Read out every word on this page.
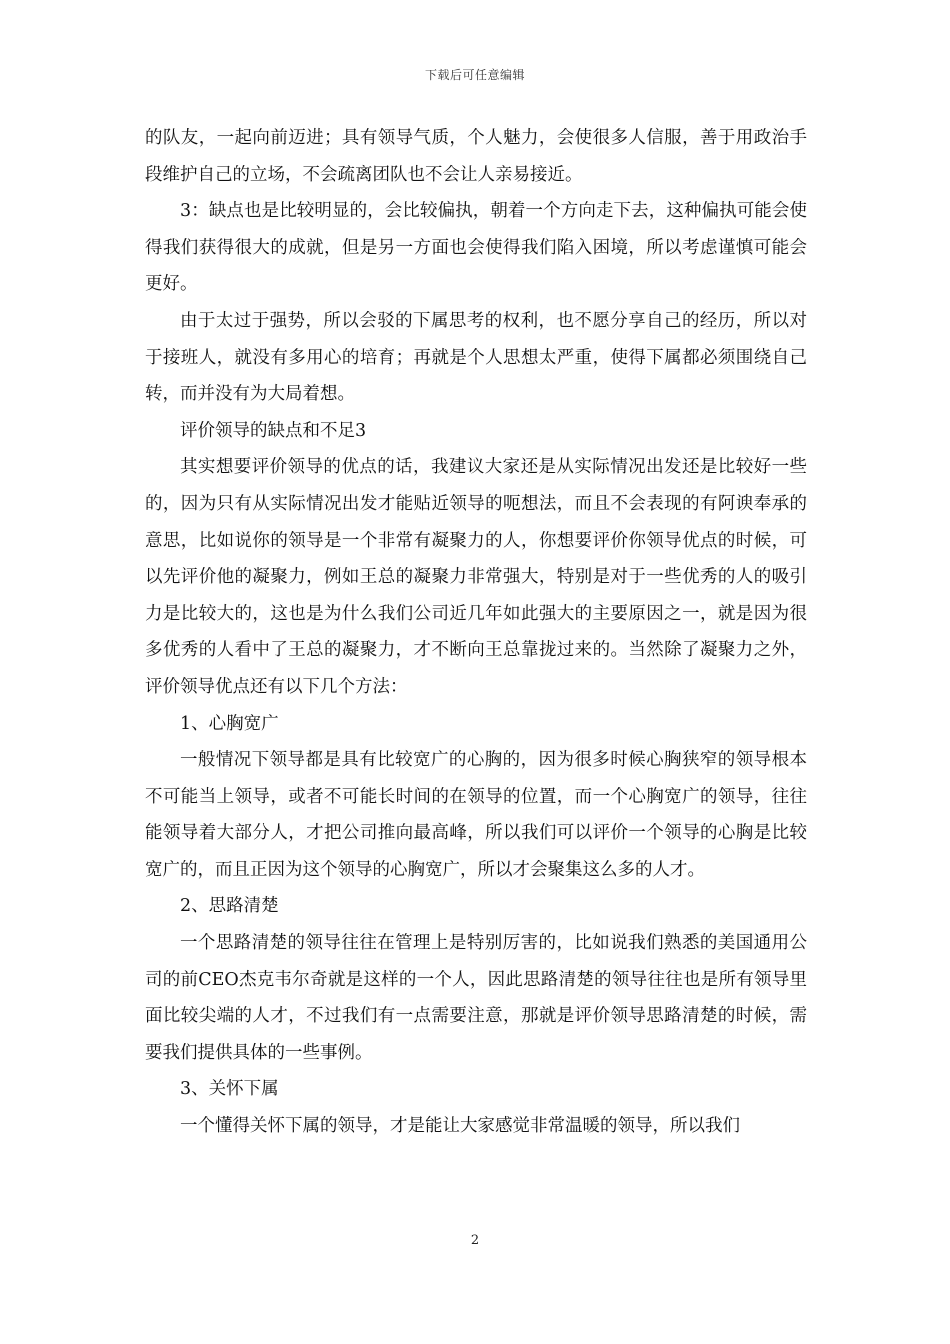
下载后可任意编辑

的队友，一起向前迈进；具有领导气质，个人魅力，会使很多人信服，善于用政治手段维护自己的立场，不会疏离团队也不会让人亲易接近。

3：缺点也是比较明显的，会比较偏执，朝着一个方向走下去，这种偏执可能会使得我们获得很大的成就，但是另一方面也会使得我们陷入困境，所以考虑谨慎可能会更好。

由于太过于强势，所以会驳的下属思考的权利，也不愿分享自己的经历，所以对于接班人，就没有多用心的培育；再就是个人思想太严重，使得下属都必须围绕自己转，而并没有为大局着想。

评价领导的缺点和不足3

其实想要评价领导的优点的话，我建议大家还是从实际情况出发还是比较好一些的，因为只有从实际情况出发才能贴近领导的呃想法，而且不会表现的有阿谀奉承的意思，比如说你的领导是一个非常有凝聚力的人，你想要评价你领导优点的时候，可以先评价他的凝聚力，例如王总的凝聚力非常强大，特别是对于一些优秀的人的吸引力是比较大的，这也是为什么我们公司近几年如此强大的主要原因之一，就是因为很多优秀的人看中了王总的凝聚力，才不断向王总靠拢过来的。当然除了凝聚力之外，评价领导优点还有以下几个方法：

1、心胸宽广

一般情况下领导都是具有比较宽广的心胸的，因为很多时候心胸狭窄的领导根本不可能当上领导，或者不可能长时间的在领导的位置，而一个心胸宽广的领导，往往能领导着大部分人，才把公司推向最高峰，所以我们可以评价一个领导的心胸是比较宽广的，而且正因为这个领导的心胸宽广，所以才会聚集这么多的人才。

2、思路清楚

一个思路清楚的领导往往在管理上是特别厉害的，比如说我们熟悉的美国通用公司的前CEO杰克韦尔奇就是这样的一个人，因此思路清楚的领导往往也是所有领导里面比较尖端的人才，不过我们有一点需要注意，那就是评价领导思路清楚的时候，需要我们提供具体的一些事例。

3、关怀下属

一个懂得关怀下属的领导，才是能让大家感觉非常温暖的领导，所以我们

2
